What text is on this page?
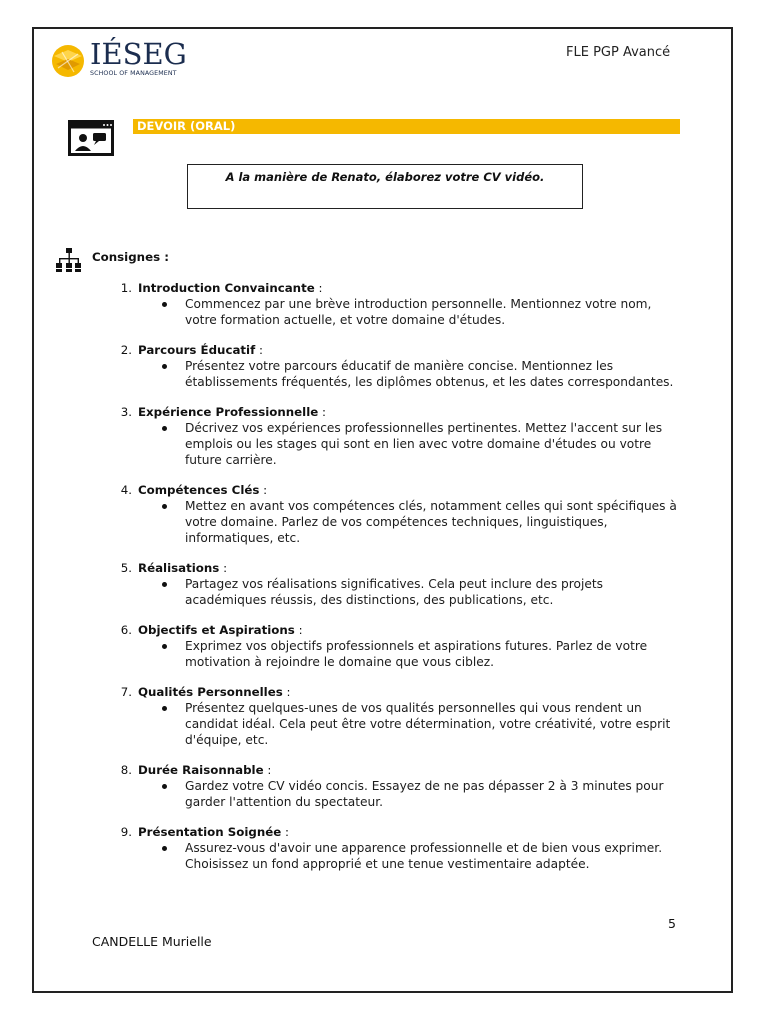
IÉSEG
SCHOOL OF MANAGEMENT
FLE PGP Avancé
DEVOIR (ORAL)
A la manière de Renato, élaborez votre CV vidéo.
Consignes :
1. Introduction Convaincante :
Commencez par une brève introduction personnelle. Mentionnez votre nom, votre formation actuelle, et votre domaine d'études.
2. Parcours Éducatif :
Présentez votre parcours éducatif de manière concise. Mentionnez les établissements fréquentés, les diplômes obtenus, et les dates correspondantes.
3. Expérience Professionnelle :
Décrivez vos expériences professionnelles pertinentes. Mettez l'accent sur les emplois ou les stages qui sont en lien avec votre domaine d'études ou votre future carrière.
4. Compétences Clés :
Mettez en avant vos compétences clés, notamment celles qui sont spécifiques à votre domaine. Parlez de vos compétences techniques, linguistiques, informatiques, etc.
5. Réalisations :
Partagez vos réalisations significatives. Cela peut inclure des projets académiques réussis, des distinctions, des publications, etc.
6. Objectifs et Aspirations :
Exprimez vos objectifs professionnels et aspirations futures. Parlez de votre motivation à rejoindre le domaine que vous ciblez.
7. Qualités Personnelles :
Présentez quelques-unes de vos qualités personnelles qui vous rendent un candidat idéal. Cela peut être votre détermination, votre créativité, votre esprit d'équipe, etc.
8. Durée Raisonnable :
Gardez votre CV vidéo concis. Essayez de ne pas dépasser 2 à 3 minutes pour garder l'attention du spectateur.
9. Présentation Soignée :
Assurez-vous d'avoir une apparence professionnelle et de bien vous exprimer. Choisissez un fond approprié et une tenue vestimentaire adaptée.
5
CANDELLE Murielle
